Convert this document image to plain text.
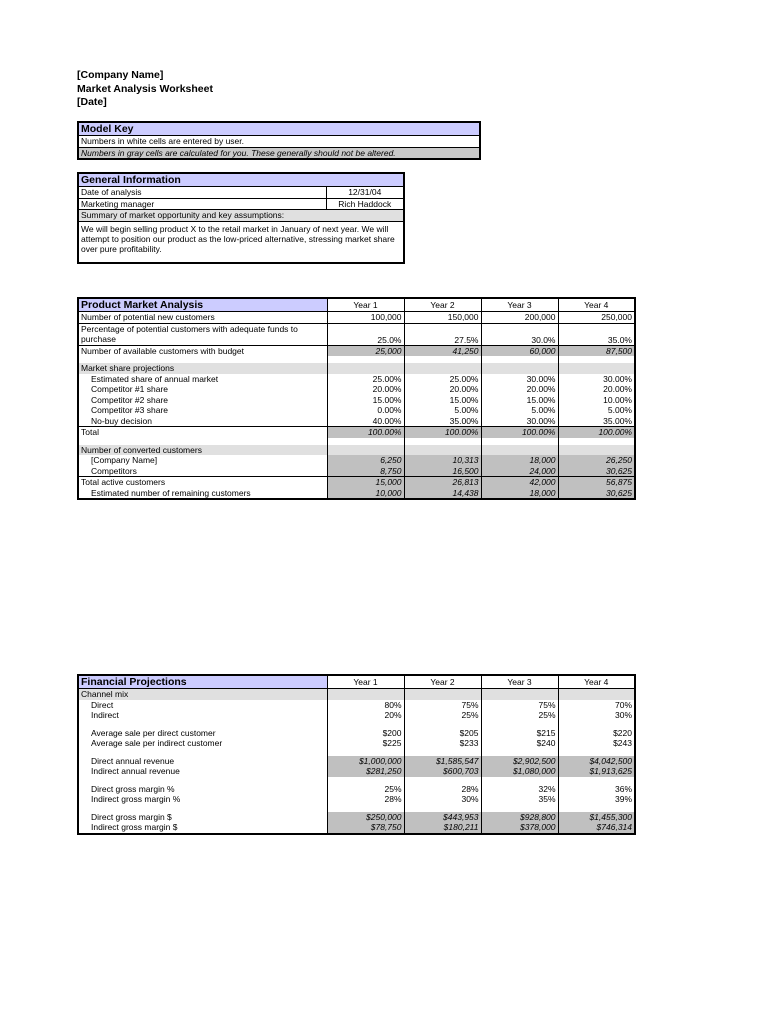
[Company Name]
Market Analysis Worksheet
[Date]
Model Key
Numbers in white cells are entered by user.
Numbers in gray cells are calculated for you. These generally should not be altered.
General Information	
Date of analysis	12/31/04
Marketing manager	Rich Haddock
Summary of market opportunity and key assumptions:	
We will begin selling product X to the retail market in January of next year. We will attempt to position our product as the low-priced alternative, stressing market share over pure profitability.	
Product Market Analysis	Year 1	Year 2	Year 3	Year 4
Number of potential new customers	100,000	150,000	200,000	250,000
Percentage of potential customers with adequate funds to purchase	25.0%	27.5%	30.0%	35.0%
Number of available customers with budget	25,000	41,250	60,000	87,500

Market share projections				
Estimated share of annual market	25.00%	25.00%	30.00%	30.00%
Competitor #1 share	20.00%	20.00%	20.00%	20.00%
Competitor #2 share	15.00%	15.00%	15.00%	10.00%
Competitor #3 share	0.00%	5.00%	5.00%	5.00%
No-buy decision	40.00%	35.00%	30.00%	35.00%
Total	100.00%	100.00%	100.00%	100.00%

Number of converted customers				
[Company Name]	6,250	10,313	18,000	26,250
Competitors	8,750	16,500	24,000	30,625
Total active customers	15,000	26,813	42,000	56,875
Estimated number of remaining customers	10,000	14,438	18,000	30,625
Financial Projections	Year 1	Year 2	Year 3	Year 4
Channel mix				
Direct	80%	75%	75%	70%
Indirect	20%	25%	25%	30%

Average sale per direct customer	$200	$205	$215	$220
Average sale per indirect customer	$225	$233	$240	$243

Direct annual revenue	$1,000,000	$1,585,547	$2,902,500	$4,042,500
Indirect annual revenue	$281,250	$600,703	$1,080,000	$1,913,625

Direct gross margin %	25%	28%	32%	36%
Indirect gross margin %	28%	30%	35%	39%

Direct gross margin $	$250,000	$443,953	$928,800	$1,455,300
Indirect gross margin $	$78,750	$180,211	$378,000	$746,314
